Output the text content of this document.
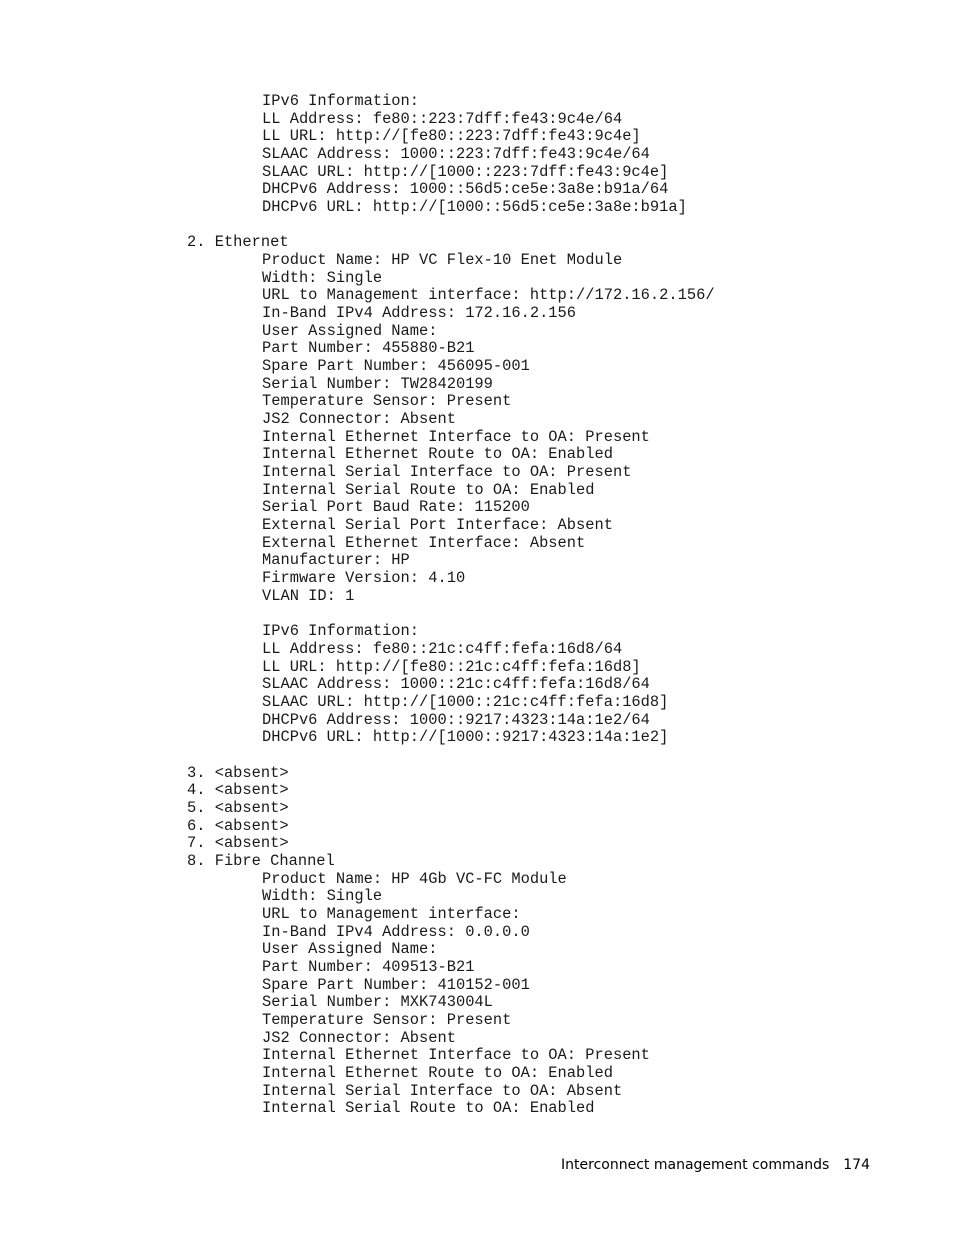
IPv6 Information:
LL Address: fe80::223:7dff:fe43:9c4e/64
LL URL: http://[fe80::223:7dff:fe43:9c4e]
SLAAC Address: 1000::223:7dff:fe43:9c4e/64
SLAAC URL: http://[1000::223:7dff:fe43:9c4e]
DHCPv6 Address: 1000::56d5:ce5e:3a8e:b91a/64
DHCPv6 URL: http://[1000::56d5:ce5e:3a8e:b91a]
2. Ethernet
Product Name: HP VC Flex-10 Enet Module
Width: Single
URL to Management interface: http://172.16.2.156/
In-Band IPv4 Address: 172.16.2.156
User Assigned Name:
Part Number: 455880-B21
Spare Part Number: 456095-001
Serial Number: TW28420199
Temperature Sensor: Present
JS2 Connector: Absent
Internal Ethernet Interface to OA: Present
Internal Ethernet Route to OA: Enabled
Internal Serial Interface to OA: Present
Internal Serial Route to OA: Enabled
Serial Port Baud Rate: 115200
External Serial Port Interface: Absent
External Ethernet Interface: Absent
Manufacturer: HP
Firmware Version: 4.10
VLAN ID: 1
IPv6 Information:
LL Address: fe80::21c:c4ff:fefa:16d8/64
LL URL: http://[fe80::21c:c4ff:fefa:16d8]
SLAAC Address: 1000::21c:c4ff:fefa:16d8/64
SLAAC URL: http://[1000::21c:c4ff:fefa:16d8]
DHCPv6 Address: 1000::9217:4323:14a:1e2/64
DHCPv6 URL: http://[1000::9217:4323:14a:1e2]
3. <absent>
4. <absent>
5. <absent>
6. <absent>
7. <absent>
8. Fibre Channel
Product Name: HP 4Gb VC-FC Module
Width: Single
URL to Management interface:
In-Band IPv4 Address: 0.0.0.0
User Assigned Name:
Part Number: 409513-B21
Spare Part Number: 410152-001
Serial Number: MXK743004L
Temperature Sensor: Present
JS2 Connector: Absent
Internal Ethernet Interface to OA: Present
Internal Ethernet Route to OA: Enabled
Internal Serial Interface to OA: Absent
Internal Serial Route to OA: Enabled
Interconnect management commands 174
